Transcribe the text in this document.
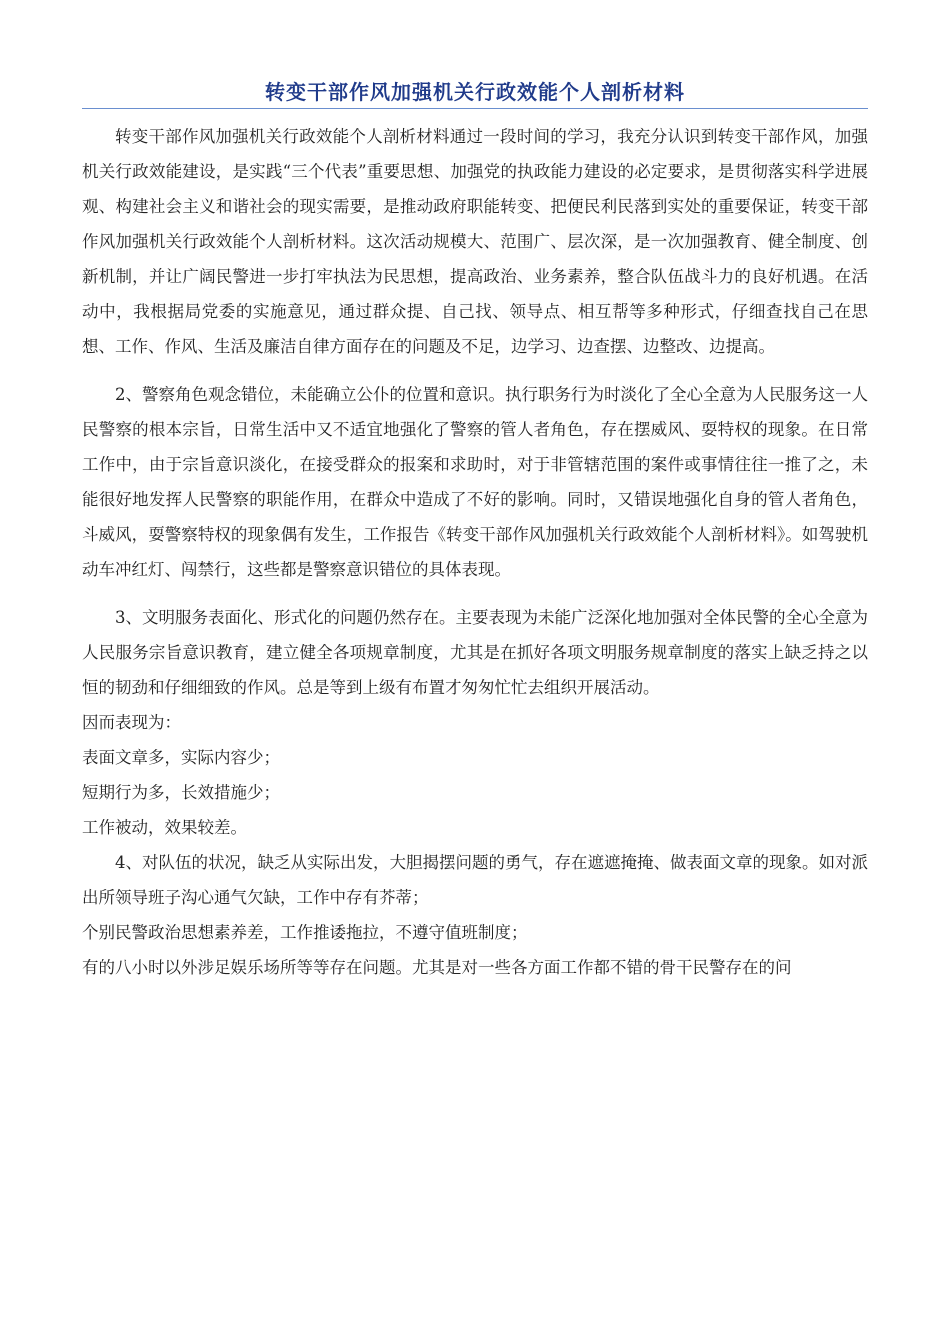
转变干部作风加强机关行政效能个人剖析材料

转变干部作风加强机关行政效能个人剖析材料通过一段时间的学习，我充分认识到转变干部作风，加强机关行政效能建设，是实践“三个代表”重要思想、加强党的执政能力建设的必定要求，是贯彻落实科学进展观、构建社会主义和谐社会的现实需要，是推动政府职能转变、把便民利民落到实处的重要保证，转变干部作风加强机关行政效能个人剖析材料。这次活动规模大、范围广、层次深，是一次加强教育、健全制度、创新机制，并让广阔民警进一步打牢执法为民思想，提高政治、业务素养，整合队伍战斗力的良好机遇。在活动中，我根据局党委的实施意见，通过群众提、自己找、领导点、相互帮等多种形式，仔细查找自己在思想、工作、作风、生活及廉洁自律方面存在的问题及不足，边学习、边查摆、边整改、边提高。

2、警察角色观念错位，未能确立公仆的位置和意识。执行职务行为时淡化了全心全意为人民服务这一人民警察的根本宗旨，日常生活中又不适宜地强化了警察的管人者角色，存在摆威风、耍特权的现象。在日常工作中，由于宗旨意识淡化，在接受群众的报案和求助时，对于非管辖范围的案件或事情往往一推了之，未能很好地发挥人民警察的职能作用，在群众中造成了不好的影响。同时，又错误地强化自身的管人者角色，斗威风，耍警察特权的现象偶有发生，工作报告《转变干部作风加强机关行政效能个人剖析材料》。如驾驶机动车冲红灯、闯禁行，这些都是警察意识错位的具体表现。

3、文明服务表面化、形式化的问题仍然存在。主要表现为未能广泛深化地加强对全体民警的全心全意为人民服务宗旨意识教育，建立健全各项规章制度，尤其是在抓好各项文明服务规章制度的落实上缺乏持之以恒的韧劲和仔细细致的作风。总是等到上级有布置才匆匆忙忙去组织开展活动。

因而表现为：

表面文章多，实际内容少；

短期行为多，长效措施少；

工作被动，效果较差。

4、对队伍的状况，缺乏从实际出发，大胆揭摆问题的勇气，存在遮遮掩掩、做表面文章的现象。如对派出所领导班子沟心通气欠缺，工作中存有芥蒂；

个别民警政治思想素养差，工作推诿拖拉，不遵守值班制度；

有的八小时以外涉足娱乐场所等等存在问题。尤其是对一些各方面工作都不错的骨干民警存在的问
